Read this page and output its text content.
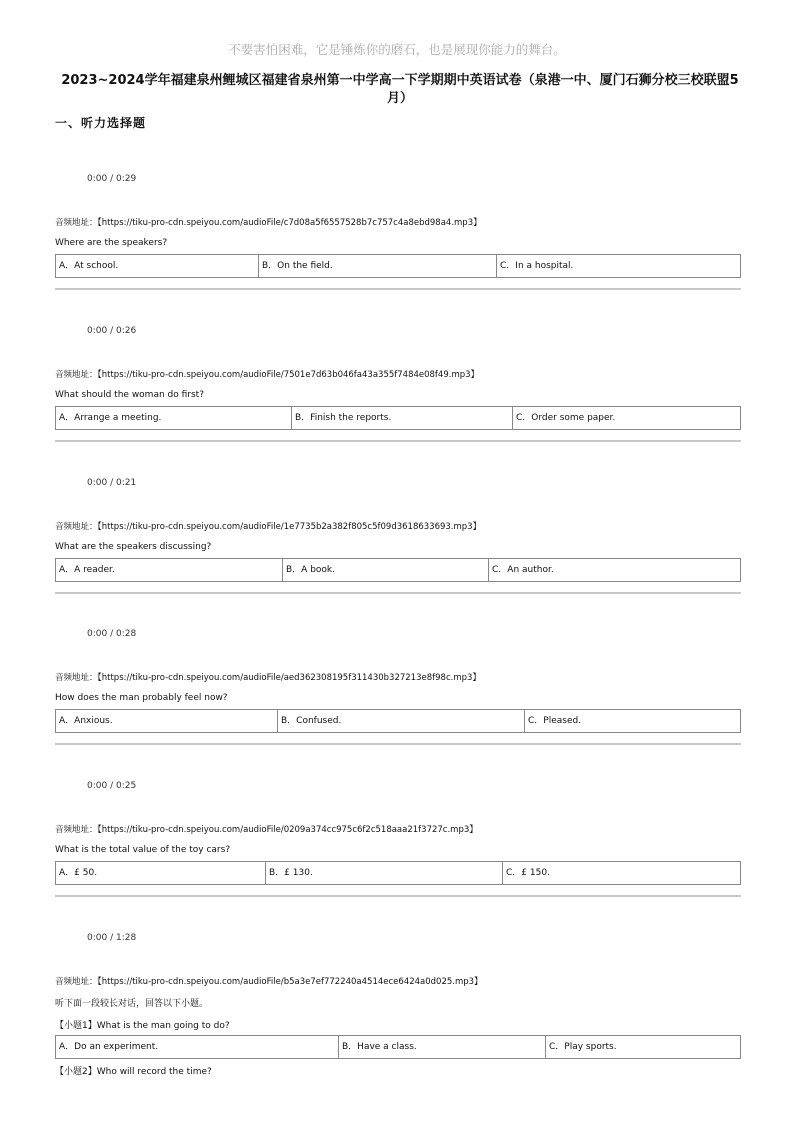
不要害怕困难，它是锤炼你的磨石，也是展现你能力的舞台。
2023~2024学年福建泉州鲤城区福建省泉州第一中学高一下学期期中英语试卷（泉港一中、厦门石狮分校三校联盟5月）
一、听力选择题
0:00 / 0:29
音频地址：【https://tiku-pro-cdn.speiyou.com/audioFile/c7d08a5f6557528b7c757c4a8ebd98a4.mp3】
Where are the speakers?
A．At school.	B．On the field.	C．In a hospital.
0:00 / 0:26
音频地址：【https://tiku-pro-cdn.speiyou.com/audioFile/7501e7d63b046fa43a355f7484e08f49.mp3】
What should the woman do first?
A．Arrange a meeting.	B．Finish the reports.	C．Order some paper.
0:00 / 0:21
音频地址：【https://tiku-pro-cdn.speiyou.com/audioFile/1e7735b2a382f805c5f09d3618633693.mp3】
What are the speakers discussing?
A．A reader.	B．A book.	C．An author.
0:00 / 0:28
音频地址：【https://tiku-pro-cdn.speiyou.com/audioFile/aed362308195f311430b327213e8f98c.mp3】
How does the man probably feel now?
A．Anxious.	B．Confused.	C．Pleased.
0:00 / 0:25
音频地址：【https://tiku-pro-cdn.speiyou.com/audioFile/0209a374cc975c6f2c518aaa21f3727c.mp3】
What is the total value of the toy cars?
A．£ 50.	B．£ 130.	C．£ 150.
0:00 / 1:28
音频地址：【https://tiku-pro-cdn.speiyou.com/audioFile/b5a3e7ef772240a4514ece6424a0d025.mp3】
听下面一段较长对话，回答以下小题。
【小题1】What is the man going to do?
A．Do an experiment.	B．Have a class.	C．Play sports.
【小题2】Who will record the time?
